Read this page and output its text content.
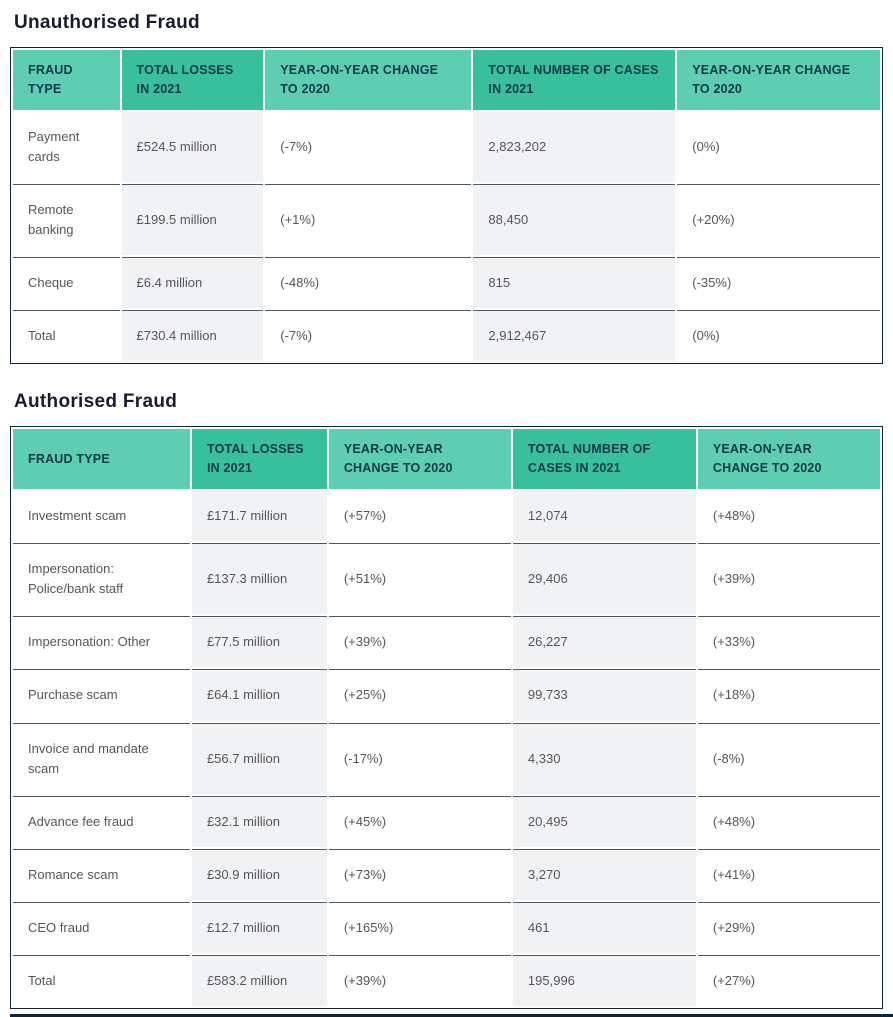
Unauthorised Fraud
FRAUD TYPE	TOTAL LOSSES IN 2021	YEAR-ON-YEAR CHANGE TO 2020	TOTAL NUMBER OF CASES IN 2021	YEAR-ON-YEAR CHANGE TO 2020
Payment cards	£524.5 million	(-7%)	2,823,202	(0%)
Remote banking	£199.5 million	(+1%)	88,450	(+20%)
Cheque	£6.4 million	(-48%)	815	(-35%)
Total	£730.4 million	(-7%)	2,912,467	(0%)
Authorised Fraud
FRAUD TYPE	TOTAL LOSSES IN 2021	YEAR-ON-YEAR CHANGE TO 2020	TOTAL NUMBER OF CASES IN 2021	YEAR-ON-YEAR CHANGE TO 2020
Investment scam	£171.7 million	(+57%)	12,074	(+48%)
Impersonation: Police/bank staff	£137.3 million	(+51%)	29,406	(+39%)
Impersonation: Other	£77.5 million	(+39%)	26,227	(+33%)
Purchase scam	£64.1 million	(+25%)	99,733	(+18%)
Invoice and mandate scam	£56.7 million	(-17%)	4,330	(-8%)
Advance fee fraud	£32.1 million	(+45%)	20,495	(+48%)
Romance scam	£30.9 million	(+73%)	3,270	(+41%)
CEO fraud	£12.7 million	(+165%)	461	(+29%)
Total	£583.2 million	(+39%)	195,996	(+27%)
